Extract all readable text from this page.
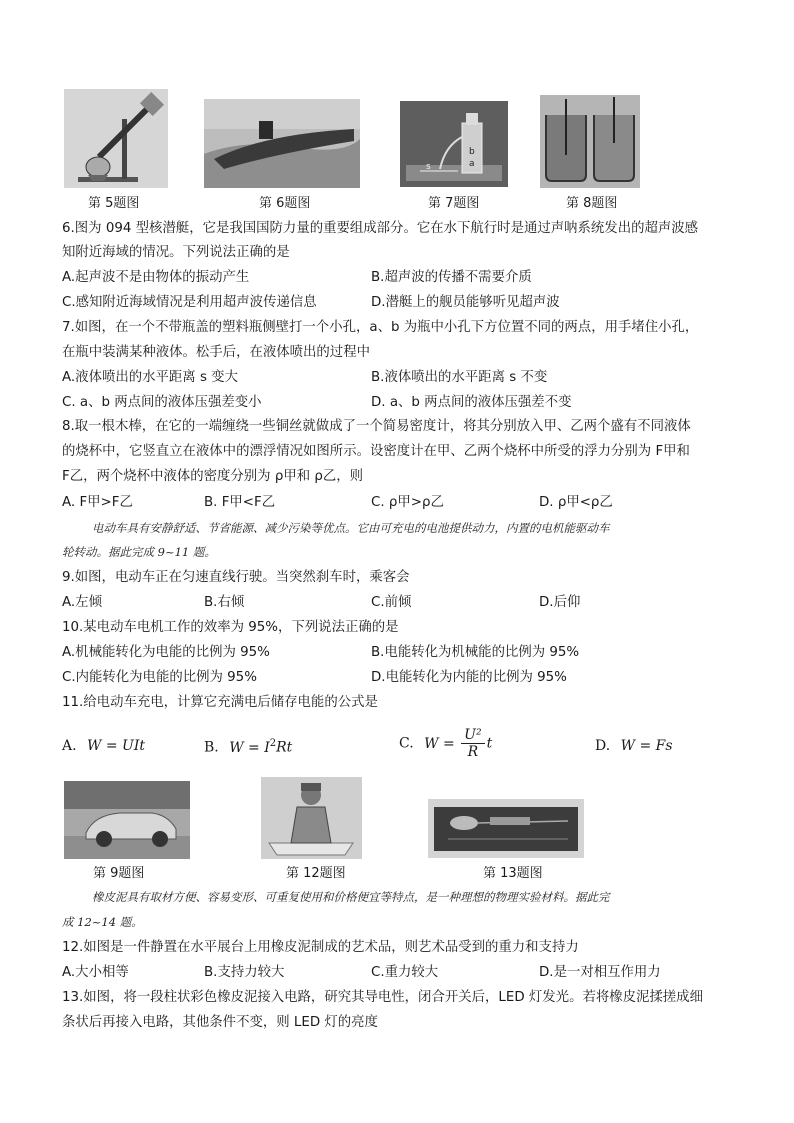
b
a
s
第 5题图	第 6题图	第 7题图	第 8题图
6.图为 094 型核潜艇，它是我国国防力量的重要组成部分。它在水下航行时是通过声呐系统发出的超声波感
知附近海域的情况。下列说法正确的是
A.起声波不是由物体的振动产生	B.超声波的传播不需要介质
C.感知附近海域情况是利用超声波传递信息	D.潜艇上的舰员能够听见超声波
7.如图，在一个不带瓶盖的塑料瓶侧壁打一个小孔，a、b 为瓶中小孔下方位置不同的两点，用手堵住小孔，
在瓶中装满某种液体。松手后，在液体喷出的过程中
A.液体喷出的水平距离 s 变大	B.液体喷出的水平距离 s 不变
C. a、b 两点间的液体压强差变小	D. a、b 两点间的液体压强差不变
8.取一根木棒，在它的一端缠绕一些铜丝就做成了一个简易密度计，将其分别放入甲、乙两个盛有不同液体
的烧杯中，它竖直立在液体中的漂浮情况如图所示。设密度计在甲、乙两个烧杯中所受的浮力分别为 F甲和
F乙，两个烧杯中液体的密度分别为 ρ甲和 ρ乙，则
A. F甲>F乙	B. F甲<F乙	C. ρ甲>ρ乙	D. ρ甲<ρ乙
电动车具有安静舒适、节省能源、减少污染等优点。它由可充电的电池提供动力，内置的电机能驱动车
轮转动。据此完成 9~11 题。
9.如图，电动车正在匀速直线行驶。当突然刹车时，乘客会
A.左倾	B.右倾	C.前倾	D.后仰
10.某电动车电机工作的效率为 95%，下列说法正确的是
A.机械能转化为电能的比例为 95%	B.电能转化为机械能的比例为 95%
C.内能转化为电能的比例为 95%	D.电能转化为内能的比例为 95%
11.给电动车充电，计算它充满电后储存电能的公式是
A. W = UIt	B. $W = I^2Rt$	C. $W = \frac{\text{U²}}{R}$ t	D. W = Fs
第 9题图	第 12题图	第 13题图
橡皮泥具有取材方便、容易变形、可重复使用和价格便宜等特点，是一种理想的物理实验材料。据此完
成 12~14 题。
12.如图是一件静置在水平展台上用橡皮泥制成的艺术品，则艺术品受到的重力和支持力
A.大小相等	B.支持力较大	C.重力较大	D.是一对相互作用力
13.如图，将一段柱状彩色橡皮泥接入电路，研究其导电性，闭合开关后，LED 灯发光。若将橡皮泥揉搓成细
条状后再接入电路，其他条件不变，则 LED 灯的亮度
